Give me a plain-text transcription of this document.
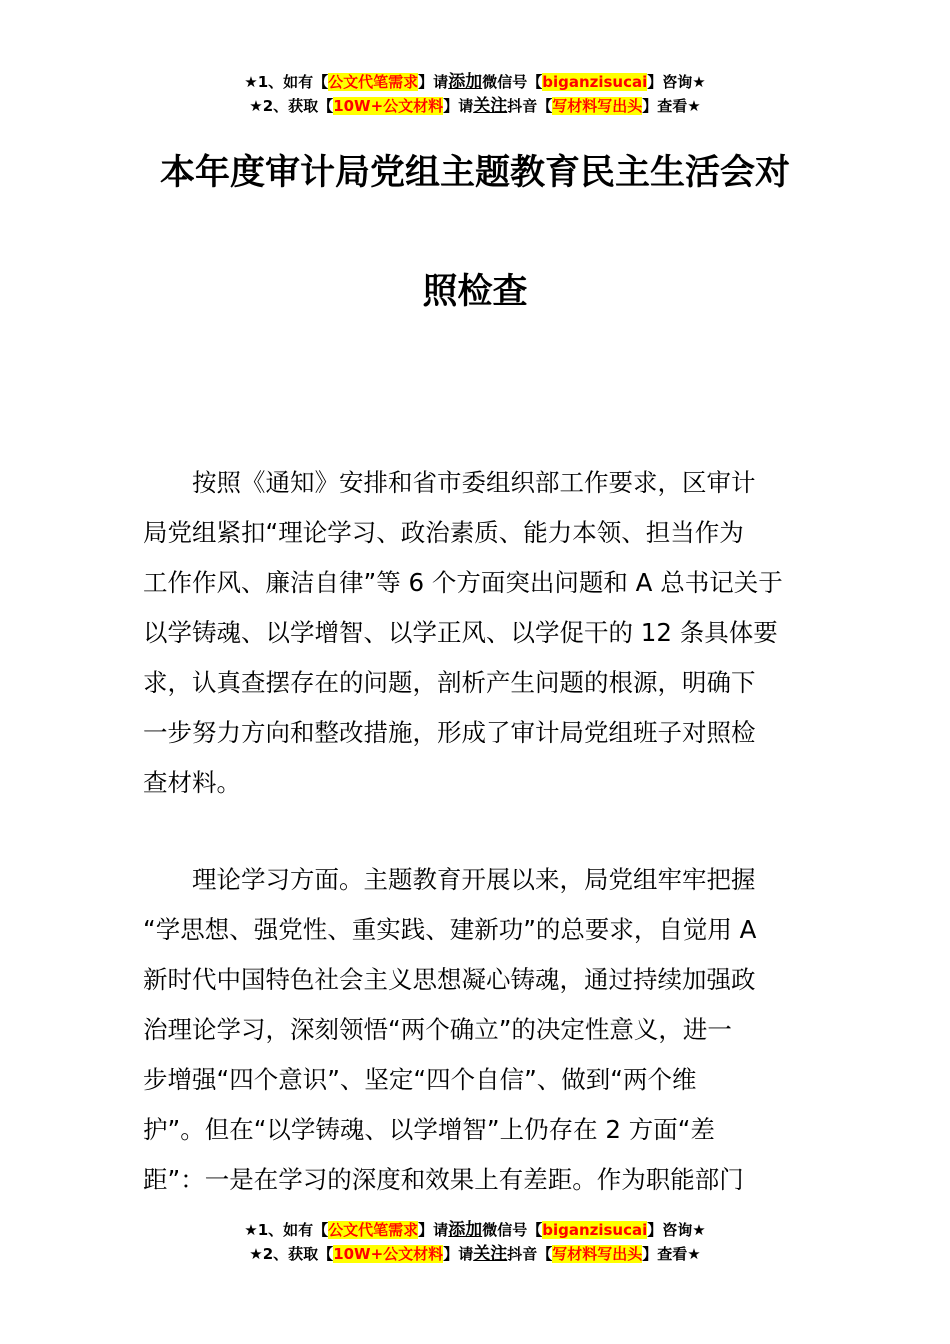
★1、如有【公文代笔需求】请添加微信号【biganzisucai】咨询★
★2、获取【10W+公文材料】请关注抖音【写材料写出头】查看★
本年度审计局党组主题教育民主生活会对
照检查
　　按照《通知》安排和省市委组织部工作要求，区审计
局党组紧扣“理论学习、政治素质、能力本领、担当作为
工作作风、廉洁自律”等 6 个方面突出问题和 A 总书记关于
以学铸魂、以学增智、以学正风、以学促干的 12 条具体要
求，认真查摆存在的问题，剖析产生问题的根源，明确下
一步努力方向和整改措施，形成了审计局党组班子对照检
查材料。
　　理论学习方面。主题教育开展以来，局党组牢牢把握
“学思想、强党性、重实践、建新功”的总要求，自觉用 A
新时代中国特色社会主义思想凝心铸魂，通过持续加强政
治理论学习，深刻领悟“两个确立”的决定性意义，进一
步增强“四个意识”、坚定“四个自信”、做到“两个维
护”。但在“以学铸魂、以学增智”上仍存在 2 方面“差
距”：一是在学习的深度和效果上有差距。作为职能部门
★1、如有【公文代笔需求】请添加微信号【biganzisucai】咨询★
★2、获取【10W+公文材料】请关注抖音【写材料写出头】查看★
